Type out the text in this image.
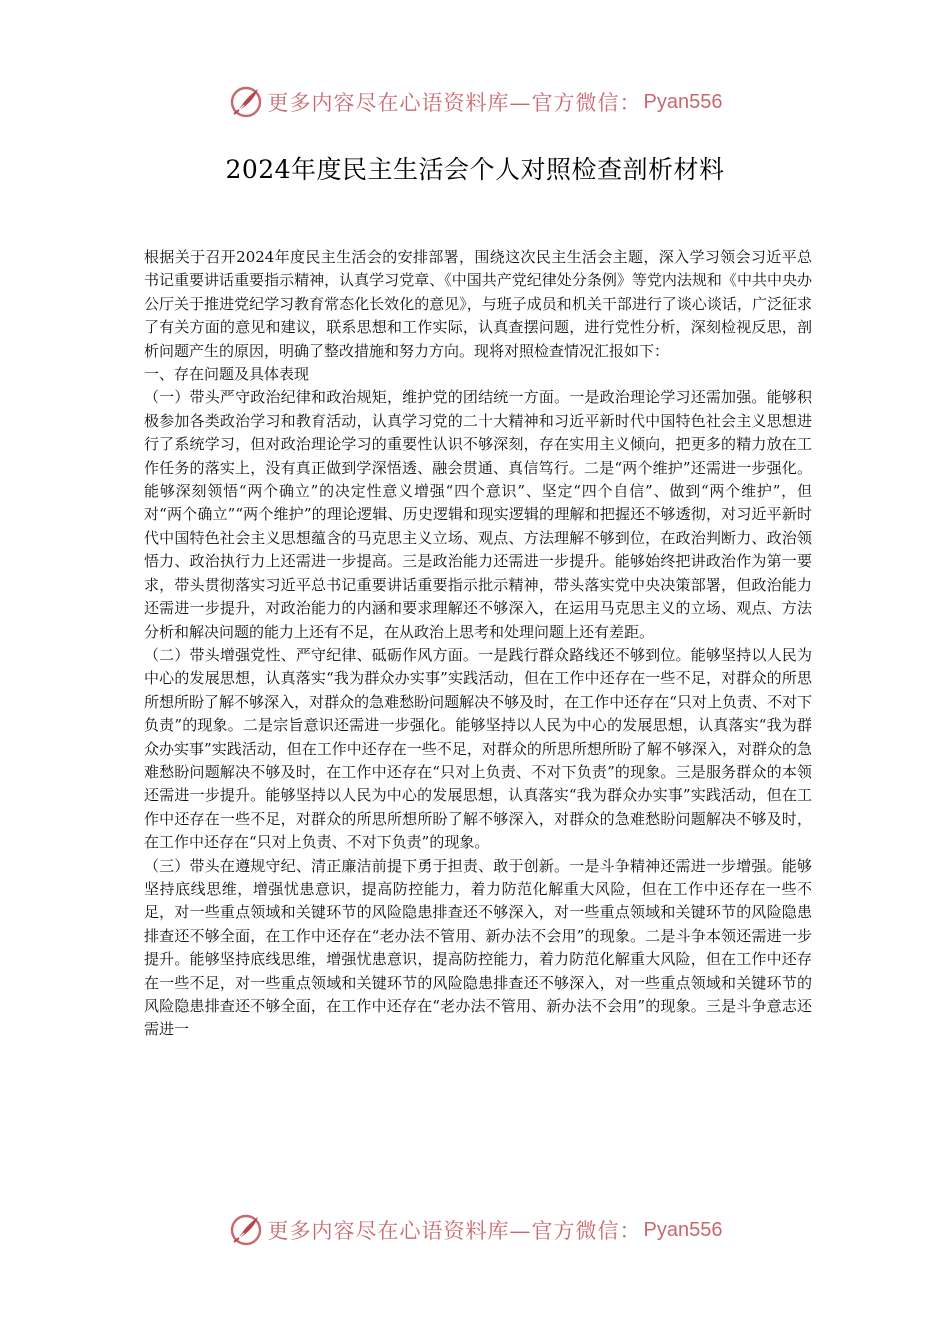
更多内容尽在心语资料库—官方微信： Pyan556
2024年度民主生活会个人对照检查剖析材料

根据关于召开2024年度民主生活会的安排部署，围绕这次民主生活会主题，深入学习领会习近平总书记重要讲话重要指示精神，认真学习党章、《中国共产党纪律处分条例》等党内法规和《中共中央办公厅关于推进党纪学习教育常态化长效化的意见》，与班子成员和机关干部进行了谈心谈话，广泛征求了有关方面的意见和建议，联系思想和工作实际，认真查摆问题，进行党性分析，深刻检视反思，剖析问题产生的原因，明确了整改措施和努力方向。现将对照检查情况汇报如下：

一、存在问题及具体表现

（一）带头严守政治纪律和政治规矩，维护党的团结统一方面。一是政治理论学习还需加强。能够积极参加各类政治学习和教育活动，认真学习党的二十大精神和习近平新时代中国特色社会主义思想进行了系统学习，但对政治理论学习的重要性认识不够深刻，存在实用主义倾向，把更多的精力放在工作任务的落实上，没有真正做到学深悟透、融会贯通、真信笃行。二是“两个维护”还需进一步强化。能够深刻领悟“两个确立”的决定性意义增强“四个意识”、坚定“四个自信”、做到“两个维护”，但对“两个确立”“两个维护”的理论逻辑、历史逻辑和现实逻辑的理解和把握还不够透彻，对习近平新时代中国特色社会主义思想蕴含的马克思主义立场、观点、方法理解不够到位，在政治判断力、政治领悟力、政治执行力上还需进一步提高。三是政治能力还需进一步提升。能够始终把讲政治作为第一要求，带头贯彻落实习近平总书记重要讲话重要指示批示精神，带头落实党中央决策部署，但政治能力还需进一步提升，对政治能力的内涵和要求理解还不够深入，在运用马克思主义的立场、观点、方法分析和解决问题的能力上还有不足，在从政治上思考和处理问题上还有差距。

（二）带头增强党性、严守纪律、砥砺作风方面。一是践行群众路线还不够到位。能够坚持以人民为中心的发展思想，认真落实“我为群众办实事”实践活动，但在工作中还存在一些不足，对群众的所思所想所盼了解不够深入，对群众的急难愁盼问题解决不够及时，在工作中还存在“只对上负责、不对下负责”的现象。二是宗旨意识还需进一步强化。能够坚持以人民为中心的发展思想，认真落实“我为群众办实事”实践活动，但在工作中还存在一些不足，对群众的所思所想所盼了解不够深入，对群众的急难愁盼问题解决不够及时，在工作中还存在“只对上负责、不对下负责”的现象。三是服务群众的本领还需进一步提升。能够坚持以人民为中心的发展思想，认真落实“我为群众办实事”实践活动，但在工作中还存在一些不足，对群众的所思所想所盼了解不够深入，对群众的急难愁盼问题解决不够及时，在工作中还存在“只对上负责、不对下负责”的现象。

（三）带头在遵规守纪、清正廉洁前提下勇于担责、敢于创新。一是斗争精神还需进一步增强。能够坚持底线思维，增强忧患意识，提高防控能力，着力防范化解重大风险，但在工作中还存在一些不足，对一些重点领域和关键环节的风险隐患排查还不够深入，对一些重点领域和关键环节的风险隐患排查还不够全面，在工作中还存在“老办法不管用、新办法不会用”的现象。二是斗争本领还需进一步提升。能够坚持底线思维，增强忧患意识，提高防控能力，着力防范化解重大风险，但在工作中还存在一些不足，对一些重点领域和关键环节的风险隐患排查还不够深入，对一些重点领域和关键环节的风险隐患排查还不够全面，在工作中还存在“老办法不管用、新办法不会用”的现象。三是斗争意志还需进一

更多内容尽在心语资料库—官方微信： Pyan556
